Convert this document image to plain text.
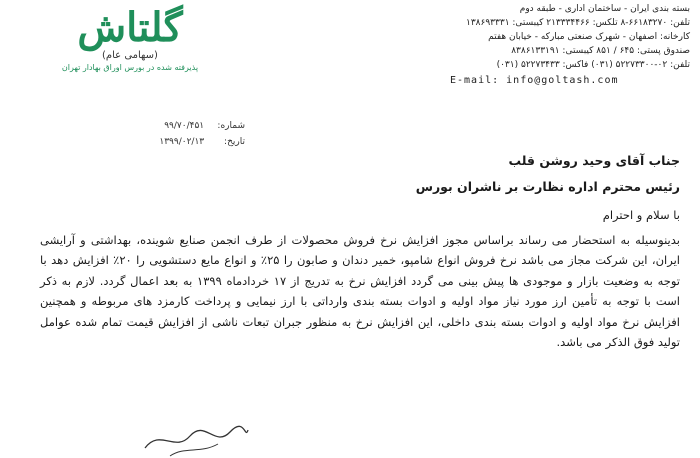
بسته بندی ایران - ساختمان اداری - طبقه دوم
تلفن: ۶۶۱۸۳۲۷۰-۸ تلکس: ۲۱۳۳۳۴۴۶۶ کیبستی: ۱۳۸۶۹۳۳۳۱
کارخانه: اصفهان - شهرک صنعتی مبارکه - خیابان هفتم
صندوق پستی: ۶۴۵ / ۸۵۱ کیبستی: ۸۳۸۶۱۳۳۱۹۱
تلفن: ۰۲-۵۲۲۷۳۳۰۰ (۰۳۱) فاکس: ۵۲۲۷۳۴۳۳ (۰۳۱)
E-mail: info@goltash.com
گلتاش
(سهامی عام)
پذیرفته شده در بورس اوراق بهادار تهران
شماره: ۹۹/۷۰/۴۵۱
تاریخ: ۱۳۹۹/۰۲/۱۳
جناب آقای وحید روشن قلب
رئیس محترم اداره نظارت بر ناشران بورس

با سلام و احترام

بدینوسیله به استحضار می رساند براساس مجوز افزایش نرخ فروش محصولات از طرف انجمن صنایع شوینده، بهداشتی و آرایشی ایران، این شرکت مجاز می باشد نرخ فروش انواع شامپو، خمیر دندان و صابون را ۲۵٪ و انواع مایع دستشویی را ۲۰٪ افزایش دهد با توجه به وضعیت بازار و موجودی ها پیش بینی می گردد افزایش نرخ به تدریج از ۱۷ خردادماه ۱۳۹۹ به بعد اعمال گردد. لازم به ذکر است با توجه به تأمین ارز مورد نیاز مواد اولیه و ادوات بسته بندی وارداتی با ارز نیمایی و پرداخت کارمزد های مربوطه و همچنین افزایش نرخ مواد اولیه و ادوات بسته بندی داخلی، این افزایش نرخ به منظور جبران تبعات ناشی از افزایش قیمت تمام شده عوامل تولید فوق الذکر می باشد.
